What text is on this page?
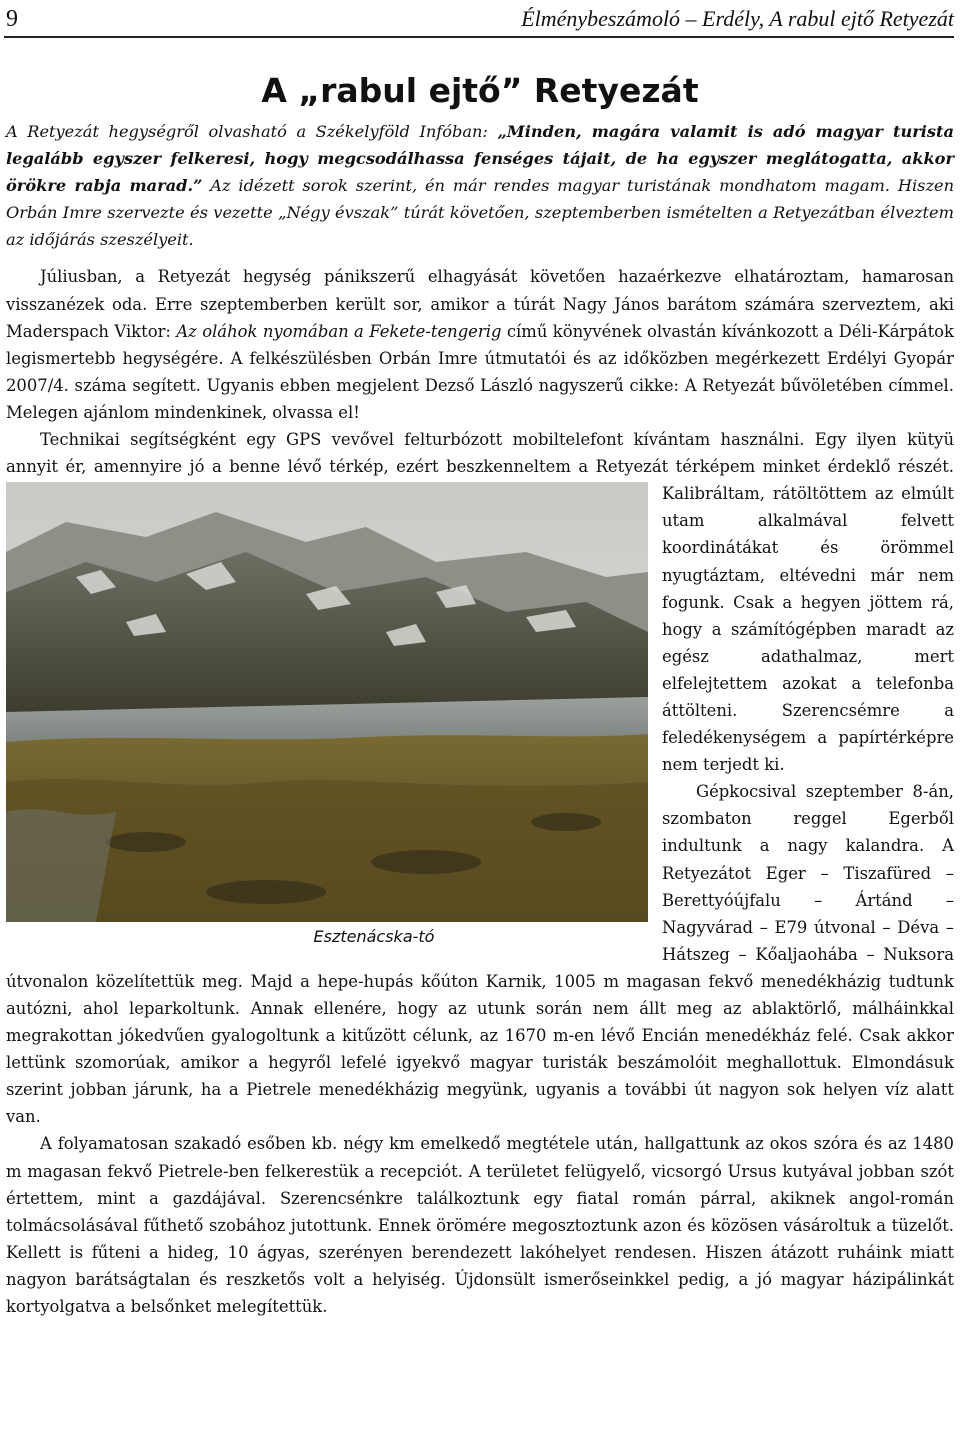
9	Élménybeszámoló – Erdély, A rabul ejtő Retyezát
A „rabul ejtő” Retyezát

A Retyezát hegységről olvasható a Székelyföld Infóban: „Minden, magára valamit is adó magyar turista legalább egyszer felkeresi, hogy megcsodálhassa fenséges tájait, de ha egyszer meglátogatta, akkor örökre rabja marad.” Az idézett sorok szerint, én már rendes magyar turistának mondhatom magam. Hiszen Orbán Imre szervezte és vezette „Négy évszak” túrát követően, szeptemberben ismételten a Retyezátban élveztem az időjárás szeszélyeit.

Júliusban, a Retyezát hegység pánikszerű elhagyását követően hazaérkezve elhatároztam, hamarosan visszanézek oda. Erre szeptemberben került sor, amikor a túrát Nagy János barátom számára szerveztem, aki Maderspach Viktor: Az oláhok nyomában a Fekete-tengerig című könyvének olvastán kívánkozott a Déli-Kárpátok legismertebb hegységére. A felkészülésben Orbán Imre útmutatói és az időközben megérkezett Erdélyi Gyopár 2007/4. száma segített. Ugyanis ebben megjelent Dezső László nagyszerű cikke: A Retyezát bűvöletében címmel. Melegen ajánlom mindenkinek, olvassa el!

Esztenácska-tó
Technikai segítségként egy GPS vevővel felturbózott mobiltelefont kívántam használni. Egy ilyen kütyü annyit ér, amennyire jó a benne lévő térkép, ezért beszkenneltem a Retyezát térképem minket érdeklő részét. Kalibráltam, rátöltöttem az elmúlt utam alkalmával felvett koordinátákat és örömmel nyugtáztam, eltévedni már nem fogunk. Csak a hegyen jöttem rá, hogy a számítógépben maradt az egész adathalmaz, mert elfelejtettem azokat a telefonba áttölteni. Szerencsémre a feledékenységem a papírtérképre nem terjedt ki.

Gépkocsival szeptember 8-án, szombaton reggel Egerből indultunk a nagy kalandra. A Retyezátot Eger – Tiszafüred – Berettyóújfalu – Ártánd – Nagyvárad – E79 útvonal – Déva – Hátszeg – Kőaljaohába – Nuksora útvonalon közelítettük meg. Majd a hepe-hupás kőúton Karnik, 1005 m magasan fekvő menedékházig tudtunk autózni, ahol leparkoltunk. Annak ellenére, hogy az utunk során nem állt meg az ablaktörlő, málháinkkal megrakottan jókedvűen gyalogoltunk a kitűzött célunk, az 1670 m-en lévő Encián menedékház felé. Csak akkor lettünk szomorúak, amikor a hegyről lefelé igyekvő magyar turisták beszámolóit meghallottuk. Elmondásuk szerint jobban járunk, ha a Pietrele menedékházig megyünk, ugyanis a további út nagyon sok helyen víz alatt van.

A folyamatosan szakadó esőben kb. négy km emelkedő megtétele után, hallgattunk az okos szóra és az 1480 m magasan fekvő Pietrele-ben felkerestük a recepciót. A területet felügyelő, vicsorgó Ursus kutyával jobban szót értettem, mint a gazdájával. Szerencsénkre találkoztunk egy fiatal román párral, akiknek angol-román tolmácsolásával fűthető szobához jutottunk. Ennek örömére megosztoztunk azon és közösen vásároltuk a tüzelőt. Kellett is fűteni a hideg, 10 ágyas, szerényen berendezett lakóhelyet rendesen. Hiszen átázott ruháink miatt nagyon barátságtalan és reszketős volt a helyiség. Újdonsült ismerőseinkkel pedig, a jó magyar házipálinkát kortyolgatva a belsőnket melegítettük.
